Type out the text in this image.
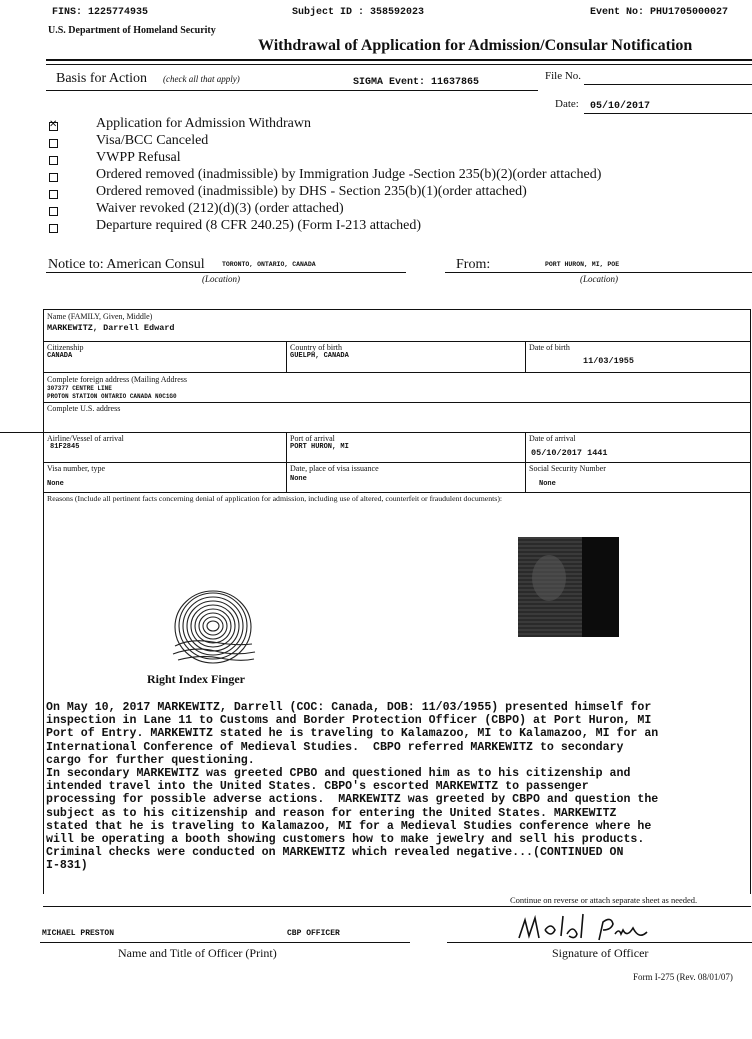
FINS: 1225774935	Subject ID : 358592023	Event No: PHU1705000027
U.S. Department of Homeland Security
Withdrawal of Application for Admission/Consular Notification
Basis for Action (check all that apply)	SIGMA Event: 11637865
File No.
Date: 05/10/2017
✕
Application for Admission Withdrawn
Visa/BCC Canceled
VWPP Refusal
Ordered removed (inadmissible) by Immigration Judge -Section 235(b)(2)(order attached)
Ordered removed (inadmissible) by DHS - Section 235(b)(1)(order attached)
Waiver revoked (212)(d)(3) (order attached)
Departure required (8 CFR 240.25) (Form I-213 attached)
Notice to: American Consul	TORONTO, ONTARIO, CANADA
(Location)
From:	PORT HURON, MI, POE
(Location)
Name (FAMILY, Given, Middle)
MARKEWITZ, Darrell Edward
Citizenship
CANADA
Country of birth
GUELPH, CANADA
Date of birth
11/03/1955
Complete foreign address (Mailing Address
307377 CENTRE LINE
PROTON STATION ONTARIO CANADA N0C1G0
Complete U.S. address
Airline/Vessel of arrival
81F2845
Port of arrival
PORT HURON, MI
Date of arrival
05/10/2017 1441
Visa number, type
None
Date, place of visa issuance
None
Social Security Number
None
Reasons (Include all pertinent facts concerning denial of application for admission, including use of altered, counterfeit or fraudulent documents):
Right Index Finger
On May 10, 2017 MARKEWITZ, Darrell (COC: Canada, DOB: 11/03/1955) presented himself for
inspection in Lane 11 to Customs and Border Protection Officer (CBPO) at Port Huron, MI
Port of Entry. MARKEWITZ stated he is traveling to Kalamazoo, MI to Kalamazoo, MI for an
International Conference of Medieval Studies.  CBPO referred MARKEWITZ to secondary
cargo for further questioning.
In secondary MARKEWITZ was greeted CPBO and questioned him as to his citizenship and
intended travel into the United States. CBPO's escorted MARKEWITZ to passenger
processing for possible adverse actions.  MARKEWITZ was greeted by CBPO and question the
subject as to his citizenship and reason for entering the United States. MARKEWITZ
stated that he is traveling to Kalamazoo, MI for a Medieval Studies conference where he
will be operating a booth showing customers how to make jewelry and sell his products.
Criminal checks were conducted on MARKEWITZ which revealed negative...(CONTINUED ON
I-831)
Continue on reverse or attach separate sheet as needed.
MICHAEL PRESTON	CBP OFFICER
Name and Title of Officer (Print)	Signature of Officer
Form I-275 (Rev. 08/01/07)
